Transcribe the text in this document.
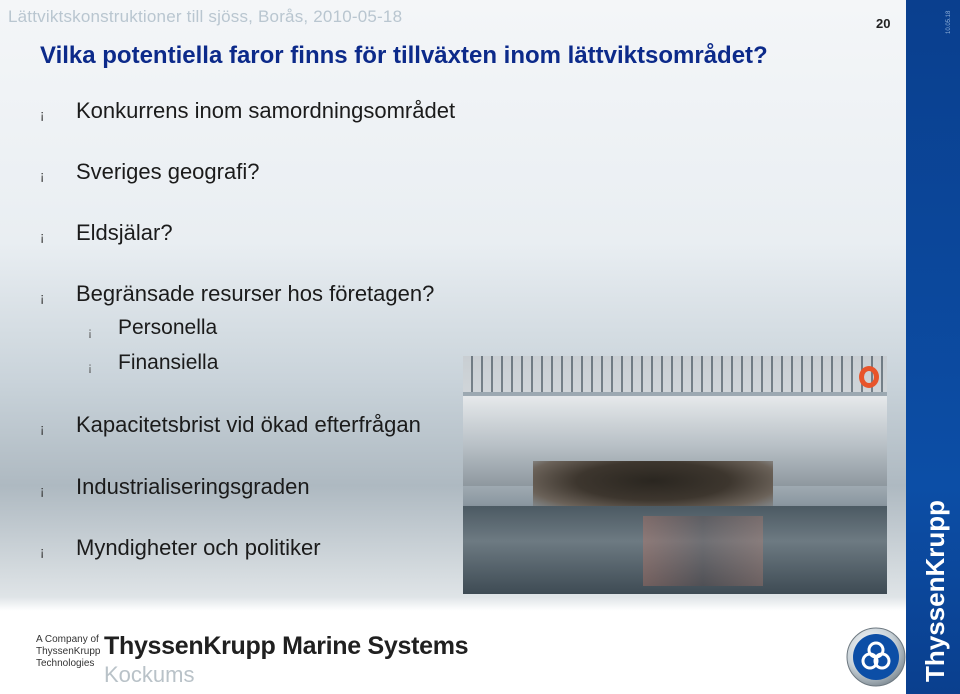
Lättviktskonstruktioner till sjöss, Borås, 2010-05-18	20
Vilka potentiella faror finns för tillväxten inom lättviktsområdet?
¡ Konkurrens inom samordningsområdet
¡ Sveriges geografi?
¡ Eldsjälar?
¡ Begränsade resurser hos företagen?
¡ Personella
¡ Finansiella
¡ Kapacitetsbrist vid ökad efterfrågan
¡ Industrialiseringsgraden
¡ Myndigheter och politiker
A Company of
ThyssenKrupp
Technologies
ThyssenKrupp Marine Systems
Kockums
10.05.18
ThyssenKrupp
